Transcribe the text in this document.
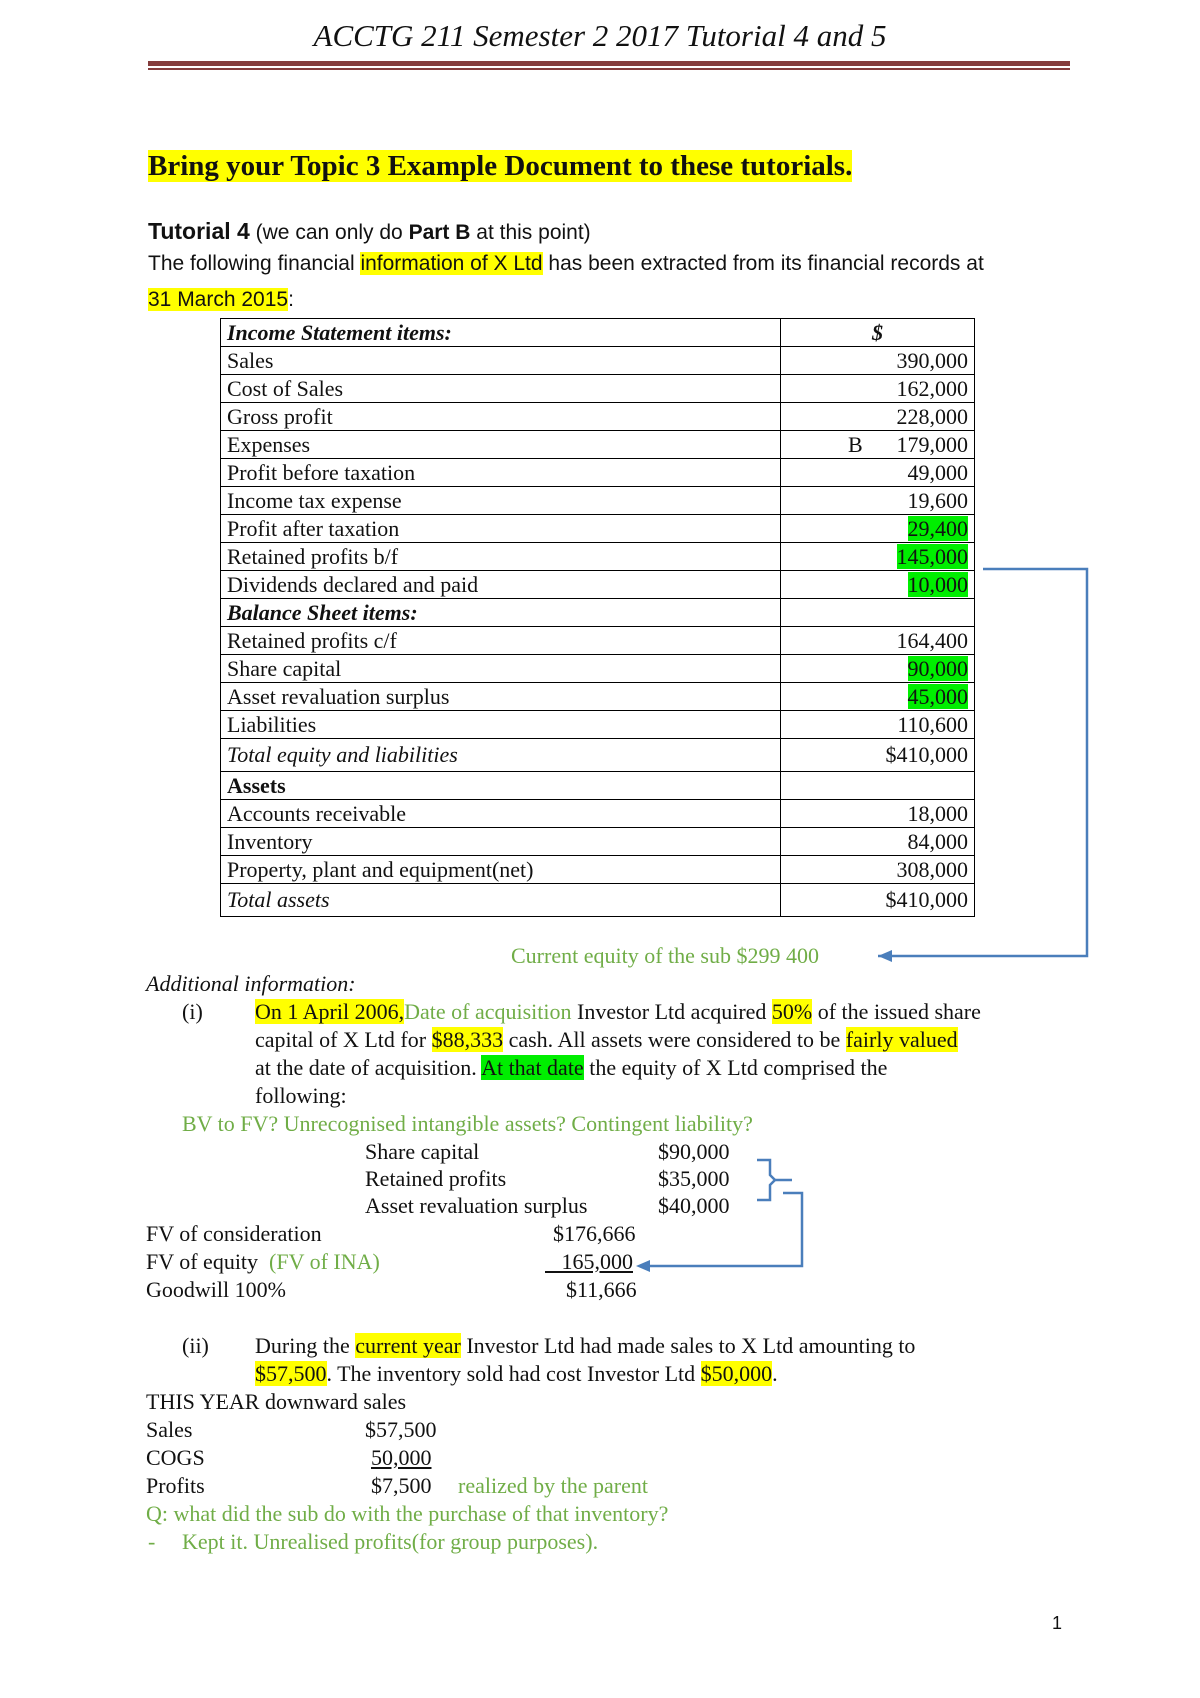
ACCTG 211 Semester 2 2017 Tutorial 4 and 5
Bring your Topic 3 Example Document to these tutorials.
Tutorial 4 (we can only do Part B at this point)
The following financial information of X Ltd has been extracted from its financial records at
31 March 2015:
Income Statement items:	$
Sales	390,000
Cost of Sales	162,000
Gross profit	228,000
Expenses	B 179,000
Profit before taxation	49,000
Income tax expense	19,600
Profit after taxation	29,400
Retained profits b/f	145,000
Dividends declared and paid	10,000
Balance Sheet items:	
Retained profits c/f	164,400
Share capital	90,000
Asset revaluation surplus	45,000
Liabilities	110,600
Total equity and liabilities	$410,000
Assets	
Accounts receivable	18,000
Inventory	84,000
Property, plant and equipment(net)	308,000
Total assets	$410,000
Current equity of the sub $299 400
Additional information:
(i) On 1 April 2006,Date of acquisition Investor Ltd acquired 50% of the issued share
capital of X Ltd for $88,333 cash. All assets were considered to be fairly valued
at the date of acquisition. At that date the equity of X Ltd comprised the
following:
BV to FV? Unrecognised intangible assets? Contingent liability?
Share capital	$90,000
Retained profits	$35,000
Asset revaluation surplus	$40,000
FV of consideration	$176,666
FV of equity (FV of INA)	165,000
Goodwill 100%	$11,666
(ii) During the current year Investor Ltd had made sales to X Ltd amounting to
$57,500. The inventory sold had cost Investor Ltd $50,000.
THIS YEAR downward sales
Sales	$57,500
COGS	50,000
Profits	$7,500 realized by the parent
Q: what did the sub do with the purchase of that inventory?
- Kept it. Unrealised profits(for group purposes).
1
